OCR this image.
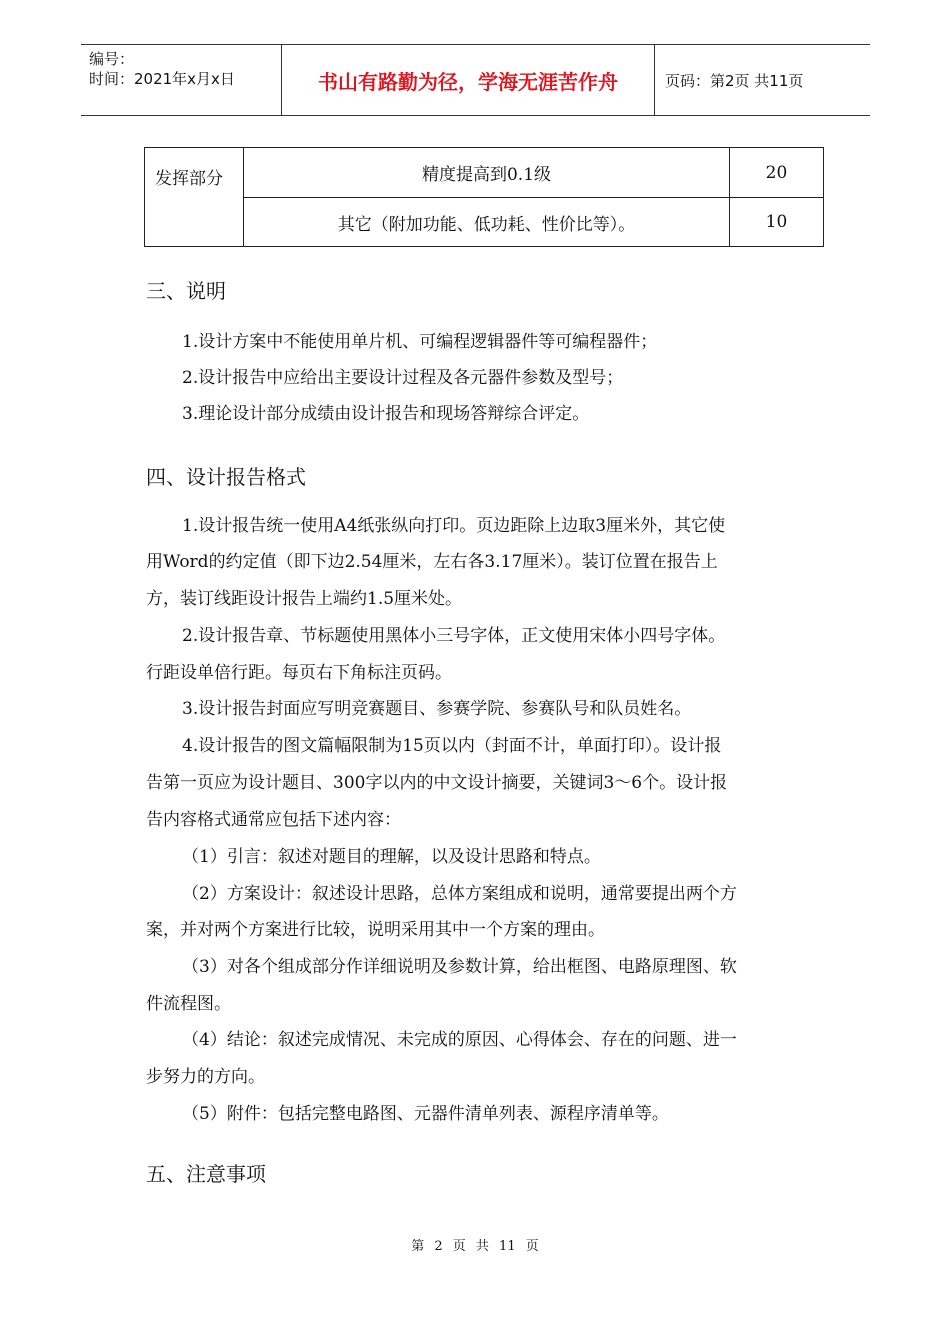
编号：
时间：2021年x月x日	书山有路勤为径，学海无涯苦作舟	页码：第2页 共11页
发挥部分	精度提高到0.1级	20
其它（附加功能、低功耗、性价比等）。	10
三、说明
1.设计方案中不能使用单片机、可编程逻辑器件等可编程器件；
2.设计报告中应给出主要设计过程及各元器件参数及型号；
3.理论设计部分成绩由设计报告和现场答辩综合评定。
四、设计报告格式
1.设计报告统一使用A4纸张纵向打印。页边距除上边取3厘米外，其它使
用Word的约定值（即下边2.54厘米，左右各3.17厘米）。装订位置在报告上
方，装订线距设计报告上端约1.5厘米处。
2.设计报告章、节标题使用黑体小三号字体，正文使用宋体小四号字体。
行距设单倍行距。每页右下角标注页码。
3.设计报告封面应写明竞赛题目、参赛学院、参赛队号和队员姓名。
4.设计报告的图文篇幅限制为15页以内（封面不计，单面打印）。设计报
告第一页应为设计题目、300字以内的中文设计摘要，关键词3～6个。设计报
告内容格式通常应包括下述内容：
（1）引言：叙述对题目的理解，以及设计思路和特点。
（2）方案设计：叙述设计思路，总体方案组成和说明，通常要提出两个方
案，并对两个方案进行比较，说明采用其中一个方案的理由。
（3）对各个组成部分作详细说明及参数计算，给出框图、电路原理图、软
件流程图。
（4）结论：叙述完成情况、未完成的原因、心得体会、存在的问题、进一
步努力的方向。
（5）附件：包括完整电路图、元器件清单列表、源程序清单等。
五、注意事项
第 2 页 共 11 页
